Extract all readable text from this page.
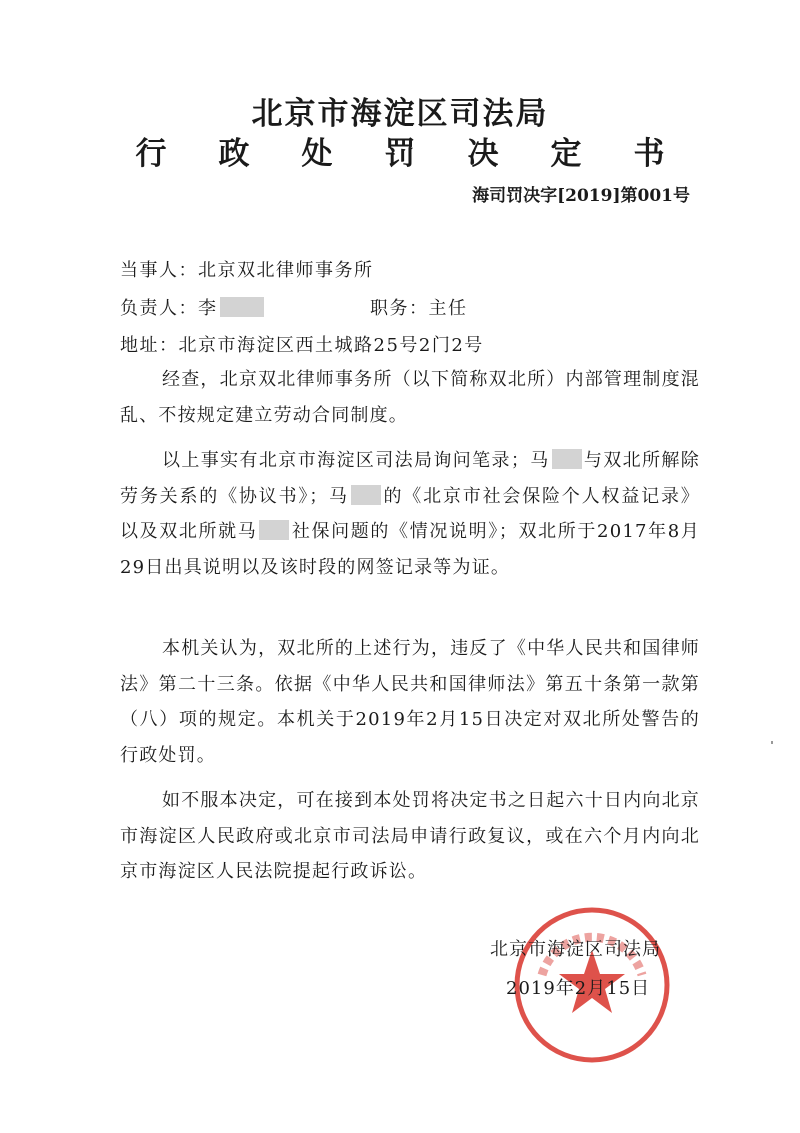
北京市海淀区司法局
行政处罚决定书
海司罚决字[2019]第001号
当事人：北京双北律师事务所
负责人：李	职务：主任
地址：北京市海淀区西土城路25号2门2号
经查，北京双北律师事务所（以下简称双北所）内部管理制度混乱、不按规定建立劳动合同制度。
以上事实有北京市海淀区司法局询问笔录；马 与双北所解除劳务关系的《协议书》；马 的《北京市社会保险个人权益记录》以及双北所就马 社保问题的《情况说明》；双北所于2017年8月29日出具说明以及该时段的网签记录等为证。
本机关认为，双北所的上述行为，违反了《中华人民共和国律师法》第二十三条。依据《中华人民共和国律师法》第五十条第一款第（八）项的规定。本机关于2019年2月15日决定对双北所处警告的行政处罚。
如不服本决定，可在接到本处罚将决定书之日起六十日内向北京市海淀区人民政府或北京市司法局申请行政复议，或在六个月内向北京市海淀区人民法院提起行政诉讼。
北京市海淀区司法局
2019年2月15日
